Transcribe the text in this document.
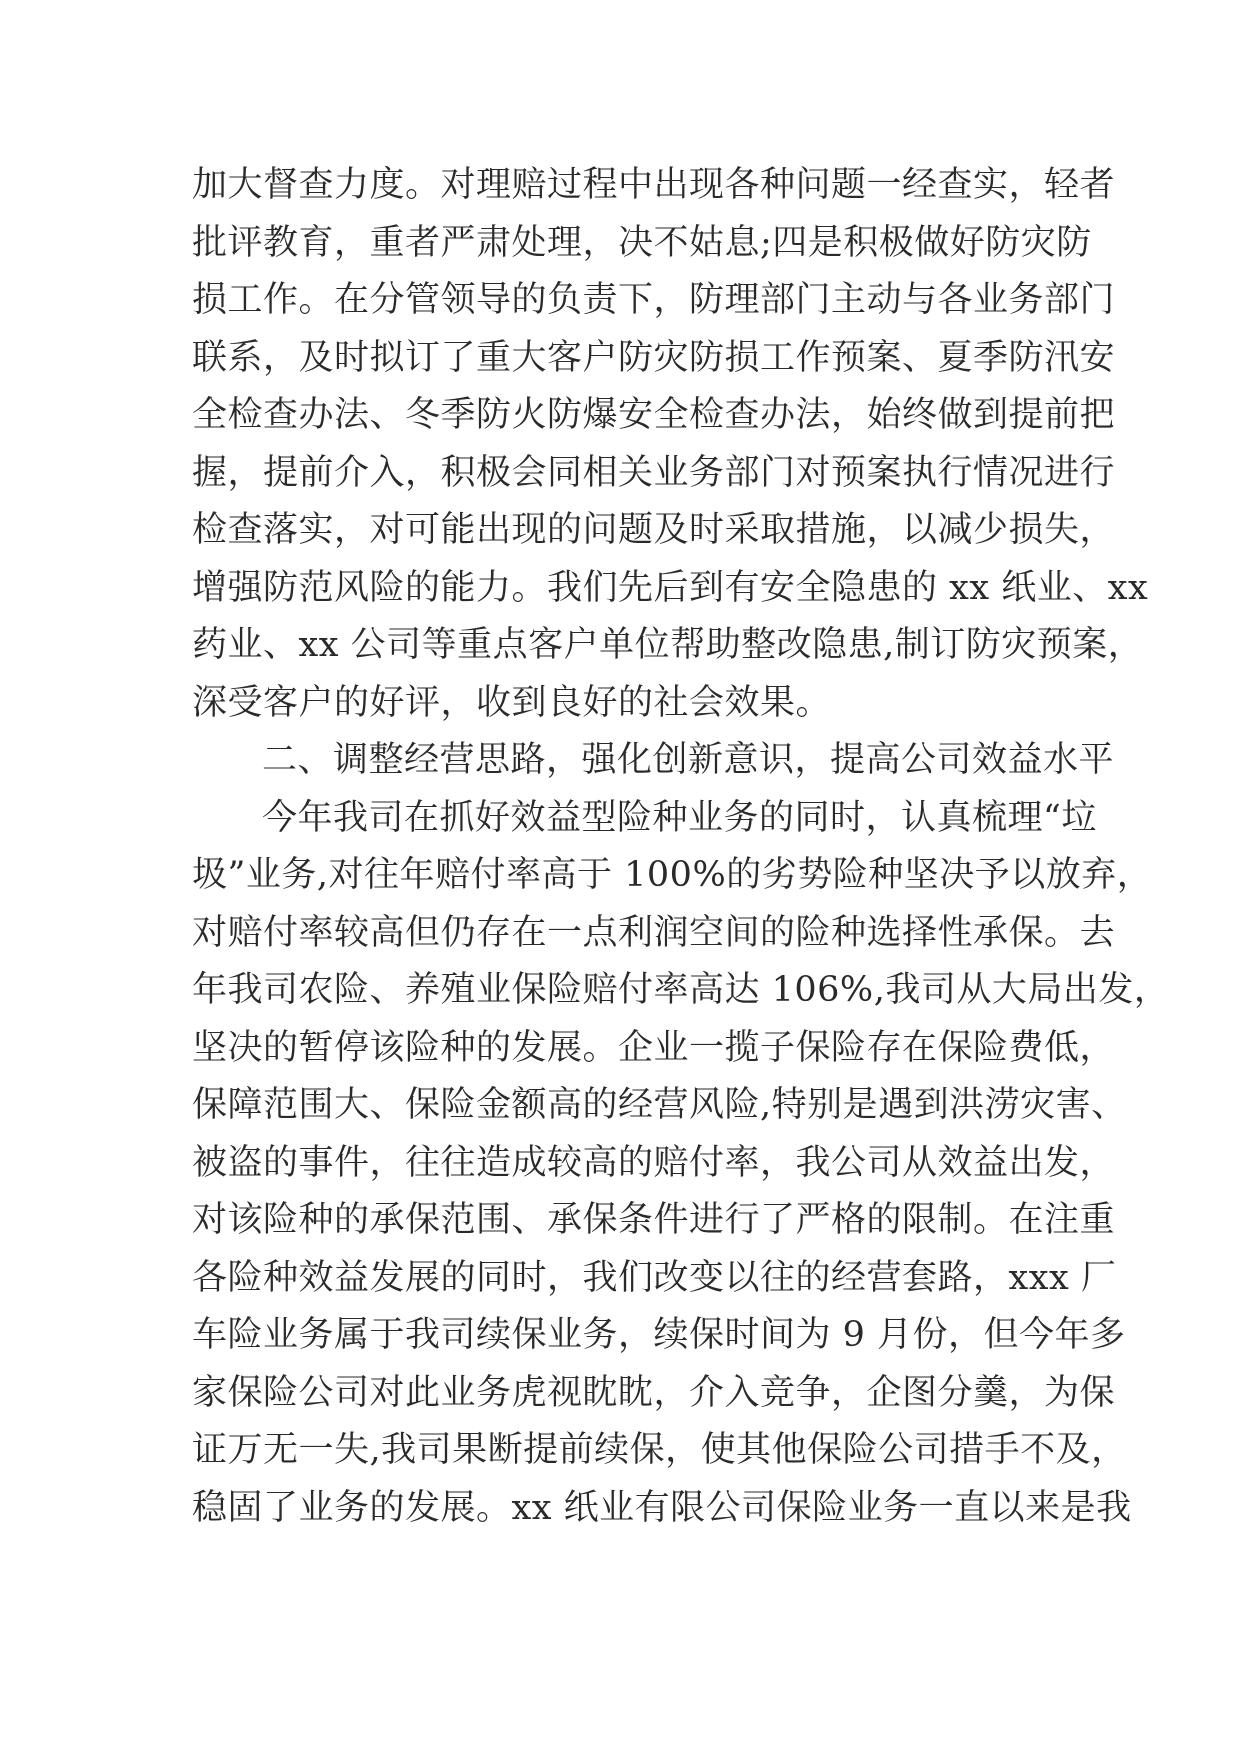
加大督查力度。对理赔过程中出现各种问题一经查实，轻者
批评教育，重者严肃处理，决不姑息;四是积极做好防灾防
损工作。在分管领导的负责下，防理部门主动与各业务部门
联系，及时拟订了重大客户防灾防损工作预案、夏季防汛安
全检查办法、冬季防火防爆安全检查办法，始终做到提前把
握，提前介入，积极会同相关业务部门对预案执行情况进行
检查落实，对可能出现的问题及时采取措施，以减少损失，
增强防范风险的能力。我们先后到有安全隐患的 xx 纸业、xx
药业、xx 公司等重点客户单位帮助整改隐患,制订防灾预案，
深受客户的好评，收到良好的社会效果。
二、调整经营思路，强化创新意识，提高公司效益水平
今年我司在抓好效益型险种业务的同时，认真梳理“垃
圾”业务,对往年赔付率高于 100%的劣势险种坚决予以放弃，
对赔付率较高但仍存在一点利润空间的险种选择性承保。去
年我司农险、养殖业保险赔付率高达 106%,我司从大局出发，
坚决的暂停该险种的发展。企业一揽子保险存在保险费低，
保障范围大、保险金额高的经营风险,特别是遇到洪涝灾害、
被盗的事件，往往造成较高的赔付率，我公司从效益出发，
对该险种的承保范围、承保条件进行了严格的限制。在注重
各险种效益发展的同时，我们改变以往的经营套路，xxx 厂
车险业务属于我司续保业务，续保时间为 9 月份，但今年多
家保险公司对此业务虎视眈眈，介入竞争，企图分羹，为保
证万无一失,我司果断提前续保，使其他保险公司措手不及，
稳固了业务的发展。xx 纸业有限公司保险业务一直以来是我
